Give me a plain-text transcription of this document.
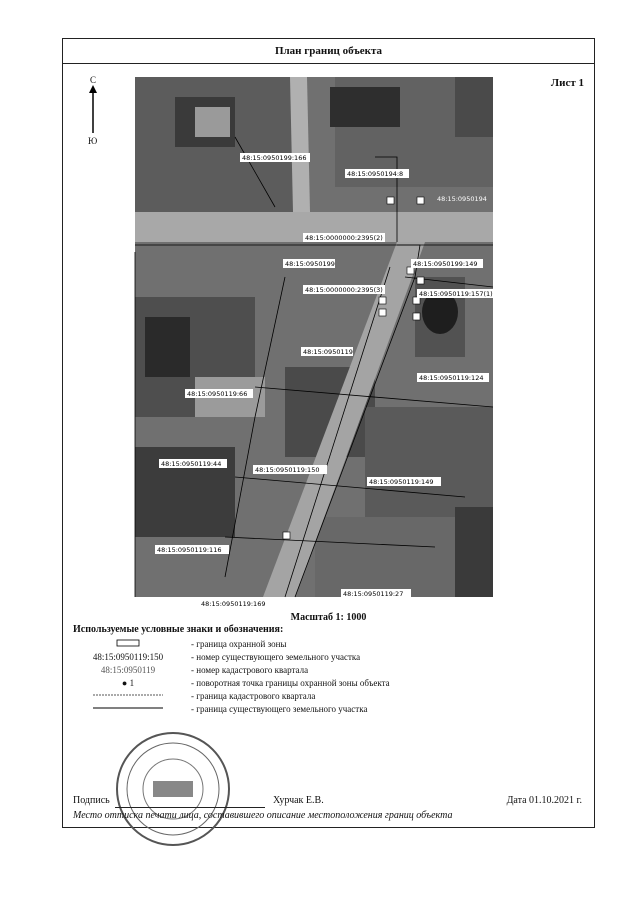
План границ объекта
С
Ю
Лист 1
48:15:0950199:166
48:15:0950194:8
48:15:0950194
48:15:0000000:2395(2)
48:15:0950199	48:15:0950199:149
48:15:0000000:2395(3)	48:15:0950119:157(1)
48:15:0950119
48:15:0950119:124
48:15:0950119:66
48:15:0950119:44
48:15:0950119:150
48:15:0950119:149
48:15:0950119:116
48:15:0950119:169
48:15:0950119:27
Масштаб 1: 1000
Используемые условные знаки и обозначения:
- граница охранной зоны
48:15:0950119:150	- номер существующего земельного участка
48:15:0950119	- номер кадастрового квартала
● 1	- поворотная точка границы охранной зоны объекта
- граница кадастрового квартала
- граница существующего земельного участка
Подпись	Хурчак Е.В.	Дата 01.10.2021 г.
Место оттиска печати лица, составившего описание местоположения границ объекта
